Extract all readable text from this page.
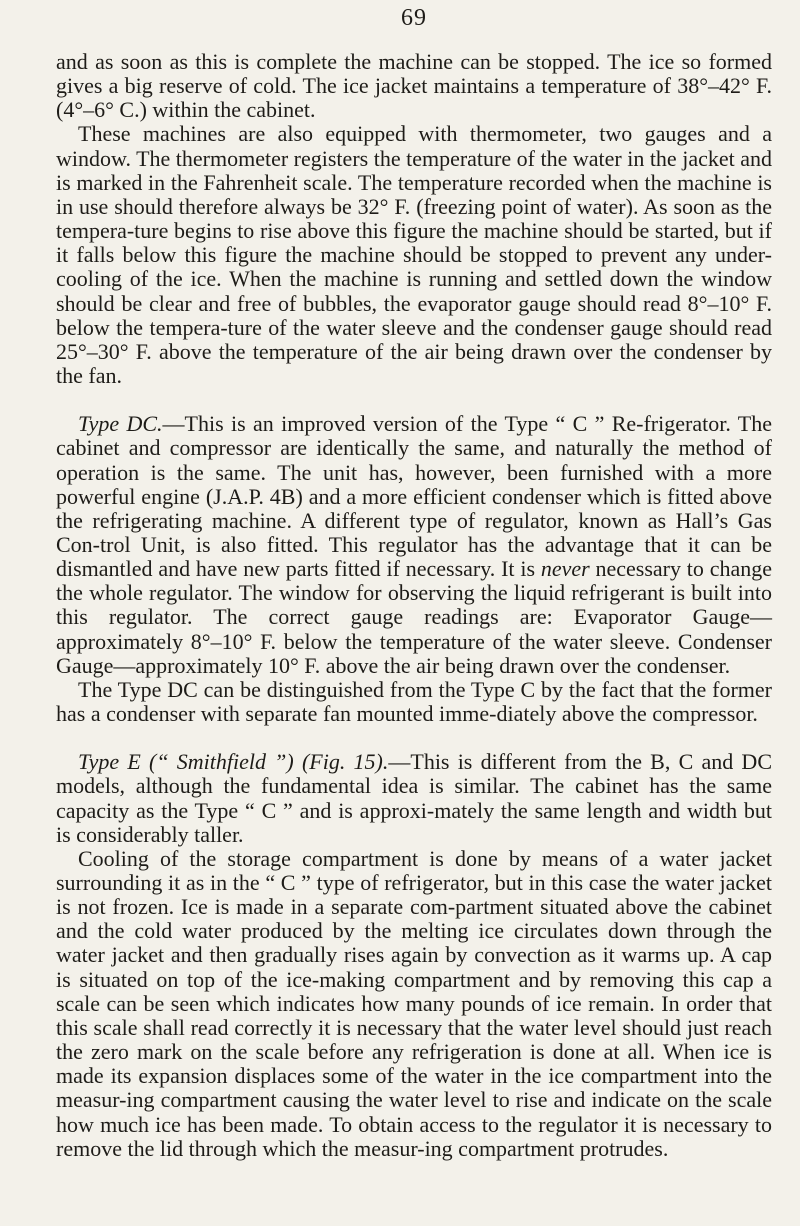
69

and as soon as this is complete the machine can be stopped. The ice so formed gives a big reserve of cold. The ice jacket maintains a temperature of 38°–42° F. (4°–6° C.) within the cabinet.

These machines are also equipped with thermometer, two gauges and a window. The thermometer registers the temperature of the water in the jacket and is marked in the Fahrenheit scale. The temperature recorded when the machine is in use should therefore always be 32° F. (freezing point of water). As soon as the tempera-ture begins to rise above this figure the machine should be started, but if it falls below this figure the machine should be stopped to prevent any under-cooling of the ice. When the machine is running and settled down the window should be clear and free of bubbles, the evaporator gauge should read 8°–10° F. below the tempera-ture of the water sleeve and the condenser gauge should read 25°–30° F. above the temperature of the air being drawn over the condenser by the fan.

Type DC.—This is an improved version of the Type “ C ” Re-frigerator. The cabinet and compressor are identically the same, and naturally the method of operation is the same. The unit has, however, been furnished with a more powerful engine (J.A.P. 4B) and a more efficient condenser which is fitted above the refrigerating machine. A different type of regulator, known as Hall’s Gas Con-trol Unit, is also fitted. This regulator has the advantage that it can be dismantled and have new parts fitted if necessary. It is never necessary to change the whole regulator. The window for observing the liquid refrigerant is built into this regulator. The correct gauge readings are: Evaporator Gauge—approximately 8°–10° F. below the temperature of the water sleeve. Condenser Gauge—approximately 10° F. above the air being drawn over the condenser.

The Type DC can be distinguished from the Type C by the fact that the former has a condenser with separate fan mounted imme-diately above the compressor.

Type E (“ Smithfield ”) (Fig. 15).—This is different from the B, C and DC models, although the fundamental idea is similar. The cabinet has the same capacity as the Type “ C ” and is approxi-mately the same length and width but is considerably taller.

Cooling of the storage compartment is done by means of a water jacket surrounding it as in the “ C ” type of refrigerator, but in this case the water jacket is not frozen. Ice is made in a separate com-partment situated above the cabinet and the cold water produced by the melting ice circulates down through the water jacket and then gradually rises again by convection as it warms up. A cap is situated on top of the ice-making compartment and by removing this cap a scale can be seen which indicates how many pounds of ice remain. In order that this scale shall read correctly it is necessary that the water level should just reach the zero mark on the scale before any refrigeration is done at all. When ice is made its expansion displaces some of the water in the ice compartment into the measur-ing compartment causing the water level to rise and indicate on the scale how much ice has been made. To obtain access to the regulator it is necessary to remove the lid through which the measur-ing compartment protrudes.
